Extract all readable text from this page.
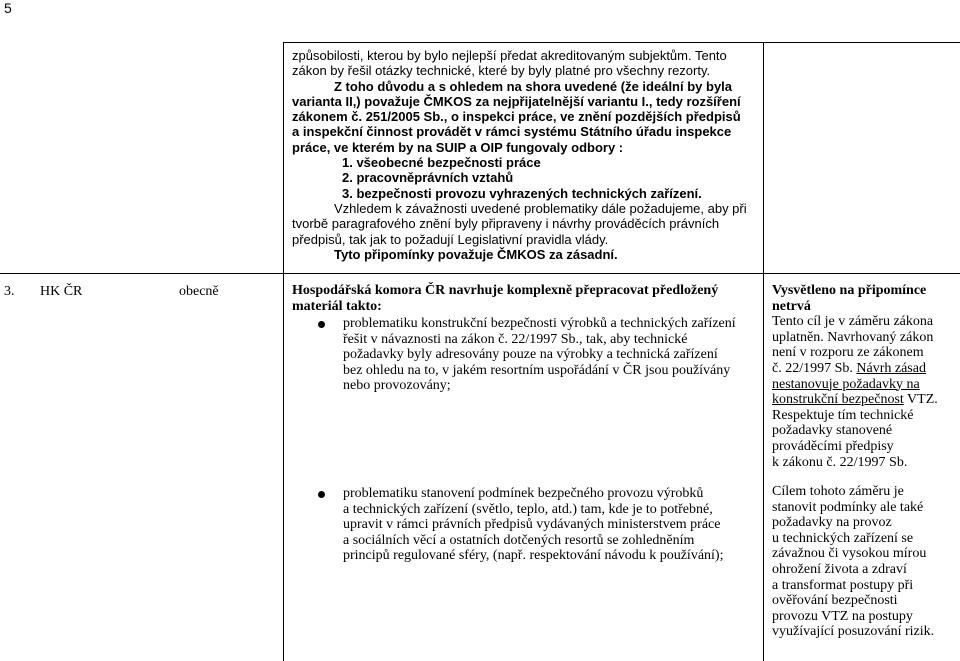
5
způsobilosti, kterou by bylo nejlepší předat akreditovaným subjektům. Tento
zákon by řešil otázky technické, které by byly platné pro všechny rezorty.
Z toho důvodu a s ohledem na shora uvedené (že ideální by byla
varianta II,) považuje ČMKOS za nejpřijatelnější variantu I., tedy rozšíření
zákonem č. 251/2005 Sb., o inspekci práce, ve znění pozdějších předpisů
a inspekční činnost provádět v rámci systému Státního úřadu inspekce
práce, ve kterém by na SUIP a OIP fungovaly odbory :
1. všeobecné bezpečnosti práce
2. pracovněprávních vztahů
3. bezpečnosti provozu vyhrazených technických zařízení.
Vzhledem k závažnosti uvedené problematiky dále požadujeme, aby při
tvorbě paragrafového znění byly připraveny i návrhy prováděcích právních
předpisů, tak jak to požadují Legislativní pravidla vlády.
Tyto připomínky považuje ČMKOS za zásadní.
3. HK ČR	obecně	Hospodářská komora ČR navrhuje komplexně přepracovat předložený
materiál takto:
problematiku konstrukční bezpečnosti výrobků a technických zařízení
řešit v návaznosti na zákon č. 22/1997 Sb., tak, aby technické
požadavky byly adresovány pouze na výrobky a technická zařízení
bez ohledu na to, v jakém resortním uspořádání v ČR jsou používány
nebo provozovány;
problematiku stanovení podmínek bezpečného provozu výrobků
a technických zařízení (světlo, teplo, atd.) tam, kde je to potřebné,
upravit v rámci právních předpisů vydávaných ministerstvem práce
a sociálních věcí a ostatních dotčených resortů se zohledněním
principů regulované sféry, (např. respektování návodu k používání);
Vysvětleno na připomínce
netrvá
Tento cíl je v záměru zákona
uplatněn. Navrhovaný zákon
není v rozporu ze zákonem
č. 22/1997 Sb. Návrh zásad
nestanovuje požadavky na
konstrukční bezpečnost VTZ.
Respektuje tím technické
požadavky stanovené
prováděcími předpisy
k zákonu č. 22/1997 Sb.
Cílem tohoto záměru je
stanovit podmínky ale také
požadavky na provoz
u technických zařízení se
závažnou či vysokou mírou
ohrožení života a zdraví
a transformat postupy při
ověřování bezpečnosti
provozu VTZ na postupy
využívající posuzování rizik.
